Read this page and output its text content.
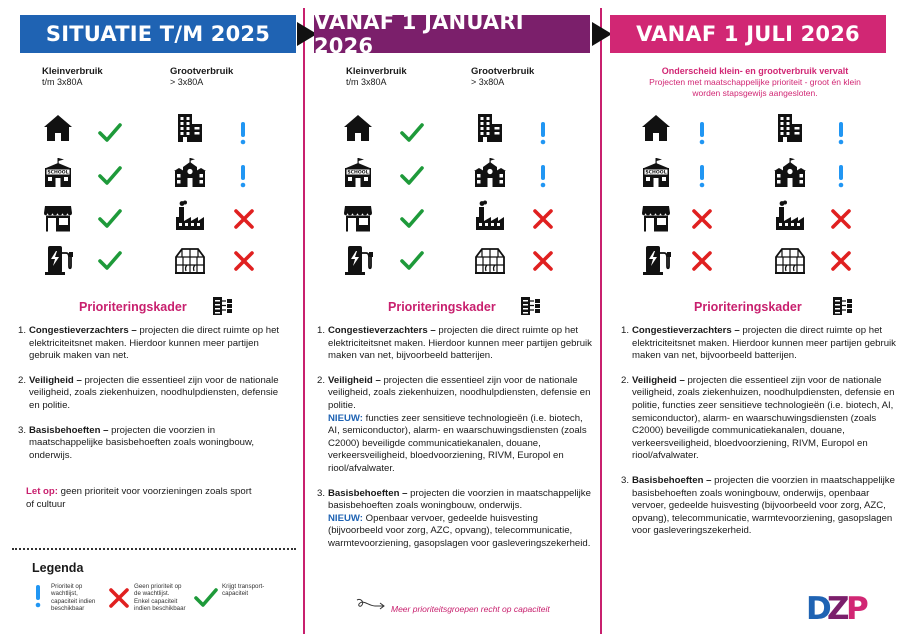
SITUATIE T/M 2025
Kleinverbruik
t/m 3x80A
Grootverbruik
> 3x80A
Prioriteringskader
1. Congestieverzachters – projecten die direct ruimte op het elektriciteitsnet maken. Hierdoor kunnen meer partijen gebruik maken van net.
2. Veiligheid – projecten die essentieel zijn voor de nationale veiligheid, zoals ziekenhuizen, noodhulpdiensten, defensie en politie.
3. Basisbehoeften – projecten die voorzien in maatschappelijke basisbehoeften zoals woningbouw, onderwijs.
Let op: geen prioriteit voor voorzieningen zoals sport of cultuur
Legenda
Prioriteit op
wachtlijst,
capaciteit indien
beschikbaar
Geen prioriteit op
de wachtlijst.
Enkel capaciteit
indien beschikbaar
Krijgt transport-
capaciteit
VANAF 1 JANUARI 2026
Kleinverbruik
t/m 3x80A
Grootverbruik
> 3x80A
Prioriteringskader
1. Congestieverzachters – projecten die direct ruimte op het elektriciteitsnet maken. Hierdoor kunnen meer partijen gebruik maken van net, bijvoorbeeld batterijen.
2. Veiligheid – projecten die essentieel zijn voor de nationale veiligheid, zoals ziekenhuizen, noodhulpdiensten, defensie en politie.
NIEUW: functies zeer sensitieve technologieën (i.e. biotech, AI, semiconductor), alarm- en waarschuwingsdiensten (zoals C2000) beveiligde communicatiekanalen, douane, verkeersveiligheid, bloedvoorziening, RIVM, Europol en riool/afvalwater.
3. Basisbehoeften – projecten die voorzien in maatschappelijke basisbehoeften zoals woningbouw, onderwijs.
NIEUW: Openbaar vervoer, gedeelde huisvesting (bijvoorbeeld voor zorg, AZC, opvang), telecommunicatie, warmtevoorziening, gasopslagen voor gasleveringszekerheid.
Meer prioriteitsgroepen recht op capaciteit
VANAF 1 JULI 2026
Onderscheid klein- en grootverbruik vervalt
Projecten met maatschappelijke prioriteit - groot én klein
worden stapsgewijs aangesloten.
Prioriteringskader
1. Congestieverzachters – projecten die direct ruimte op het elektriciteitsnet maken. Hierdoor kunnen meer partijen gebruik maken van net, bijvoorbeeld batterijen.
2. Veiligheid – projecten die essentieel zijn voor de nationale veiligheid, zoals ziekenhuizen, noodhulpdiensten, defensie en politie, functies zeer sensitieve technologieën (i.e. biotech, AI, semiconductor), alarm- en waarschuwingsdiensten (zoals C2000) beveiligde communicatiekanalen, douane, verkeersveiligheid, bloedvoorziening, RIVM, Europol en riool/afvalwater.
3. Basisbehoeften – projecten die voorzien in maatschappelijke basisbehoeften zoals woningbouw, onderwijs, openbaar vervoer, gedeelde huisvesting (bijvoorbeeld voor zorg, AZC, opvang), telecommunicatie, warmtevoorziening, gasopslagen voor gasleveringszekerheid.
D
Z
P
